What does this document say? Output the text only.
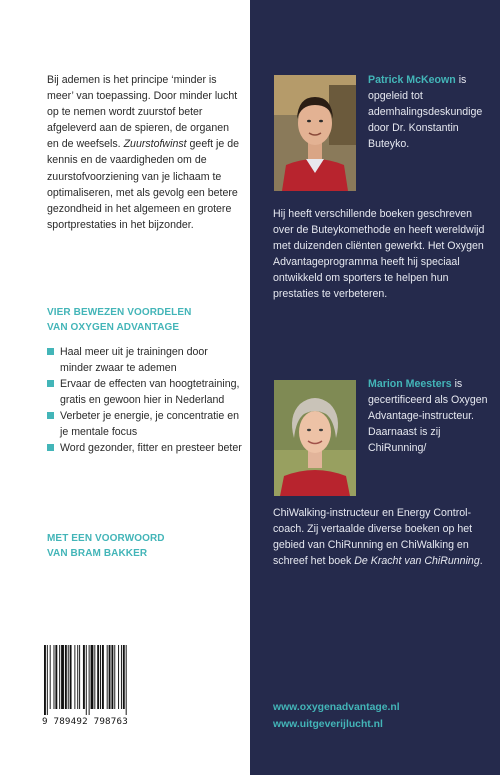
Bij ademen is het principe ‘minder is meer’ van toepassing. Door minder lucht op te nemen wordt zuurstof beter afgeleverd aan de spieren, de organen en de weefsels. Zuurstofwinst geeft je de kennis en de vaardigheden om de zuurstofvoorziening van je lichaam te optimaliseren, met als gevolg een betere gezondheid in het algemeen en grotere sportprestaties in het bijzonder.
VIER BEWEZEN VOORDELEN
VAN OXYGEN ADVANTAGE
Haal meer uit je trainingen door minder zwaar te ademen
Ervaar de effecten van hoogtetraining, gratis en gewoon hier in Nederland
Verbeter je energie, je concentratie en je mentale focus
Word gezonder, fitter en presteer beter
MET EEN VOORWOORD
VAN BRAM BAKKER
9 789492 798763
Patrick McKeown is opgeleid tot ademhalingsdeskundige door Dr. Konstantin Buteyko.
Hij heeft verschillende boeken geschreven over de Buteykomethode en heeft wereldwijd met duizenden cliënten gewerkt. Het Oxygen Advantageprogramma heeft hij speciaal ontwikkeld om sporters te helpen hun prestaties te verbeteren.
Marion Meesters is gecertificeerd als Oxygen Advantage-instructeur. Daarnaast is zij ChiRunning/
ChiWalking-instructeur en Energy Control-coach. Zij vertaalde diverse boeken op het gebied van ChiRunning en ChiWalking en schreef het boek De Kracht van ChiRunning.
www.oxygenadvantage.nl
www.uitgeverijlucht.nl
